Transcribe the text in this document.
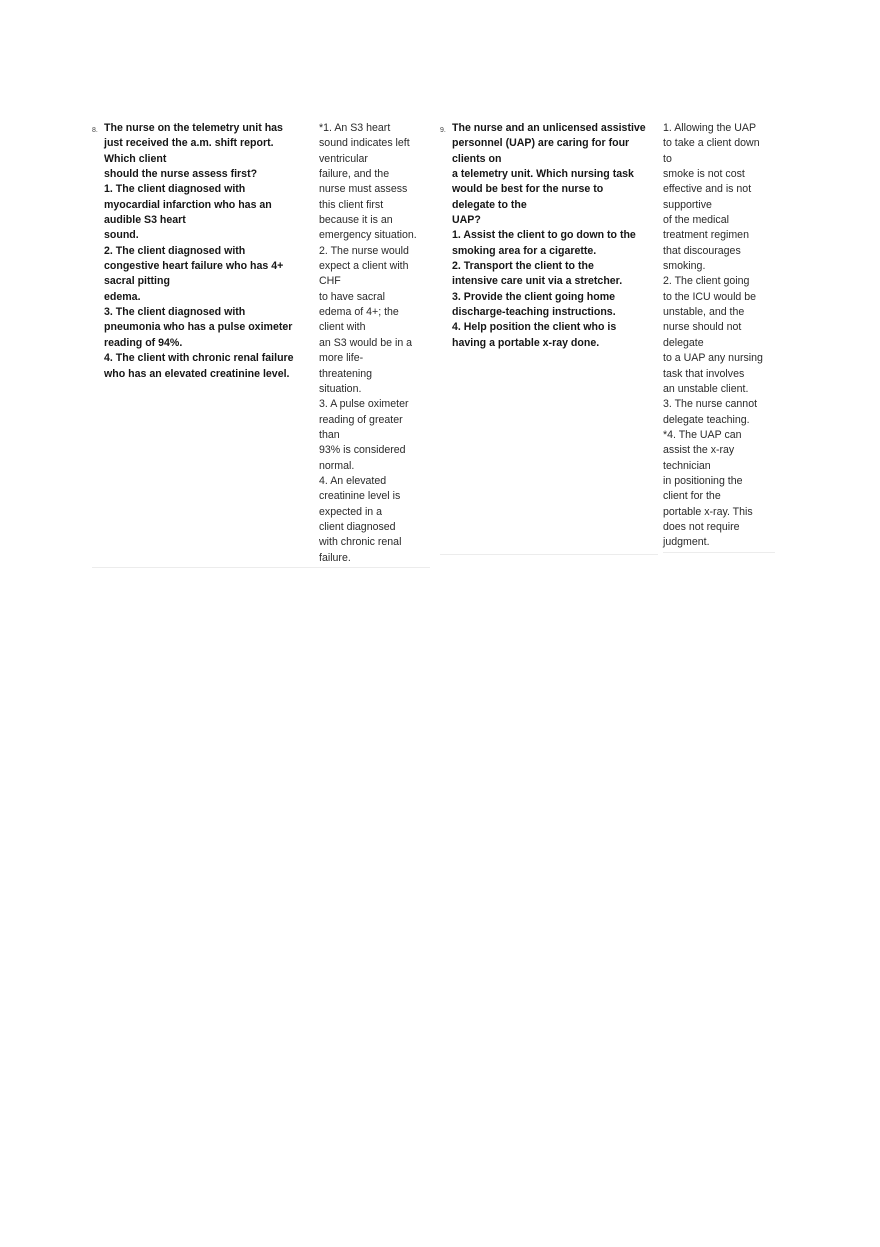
8. The nurse on the telemetry unit has
just received the a.m. shift report.
Which client
should the nurse assess first?
1. The client diagnosed with
myocardial infarction who has an
audible S3 heart
sound.
2. The client diagnosed with
congestive heart failure who has 4+
sacral pitting
edema.
3. The client diagnosed with
pneumonia who has a pulse oximeter
reading of 94%.
4. The client with chronic renal failure
who has an elevated creatinine level.
*1. An S3 heart
sound indicates left
ventricular
failure, and the
nurse must assess
this client first
because it is an
emergency situation.
2. The nurse would
expect a client with
CHF
to have sacral
edema of 4+; the
client with
an S3 would be in a
more life-
threatening
situation.
3. A pulse oximeter
reading of greater
than
93% is considered
normal.
4. An elevated
creatinine level is
expected in a
client diagnosed
with chronic renal
failure.
9. The nurse and an unlicensed assistive
personnel (UAP) are caring for four
clients on
a telemetry unit. Which nursing task
would be best for the nurse to
delegate to the
UAP?
1. Assist the client to go down to the
smoking area for a cigarette.
2. Transport the client to the
intensive care unit via a stretcher.
3. Provide the client going home
discharge-teaching instructions.
4. Help position the client who is
having a portable x-ray done.
1. Allowing the UAP
to take a client down
to
smoke is not cost
effective and is not
supportive
of the medical
treatment regimen
that discourages
smoking.
2. The client going
to the ICU would be
unstable, and the
nurse should not
delegate
to a UAP any nursing
task that involves
an unstable client.
3. The nurse cannot
delegate teaching.
*4. The UAP can
assist the x-ray
technician
in positioning the
client for the
portable x-ray. This
does not require
judgment.
